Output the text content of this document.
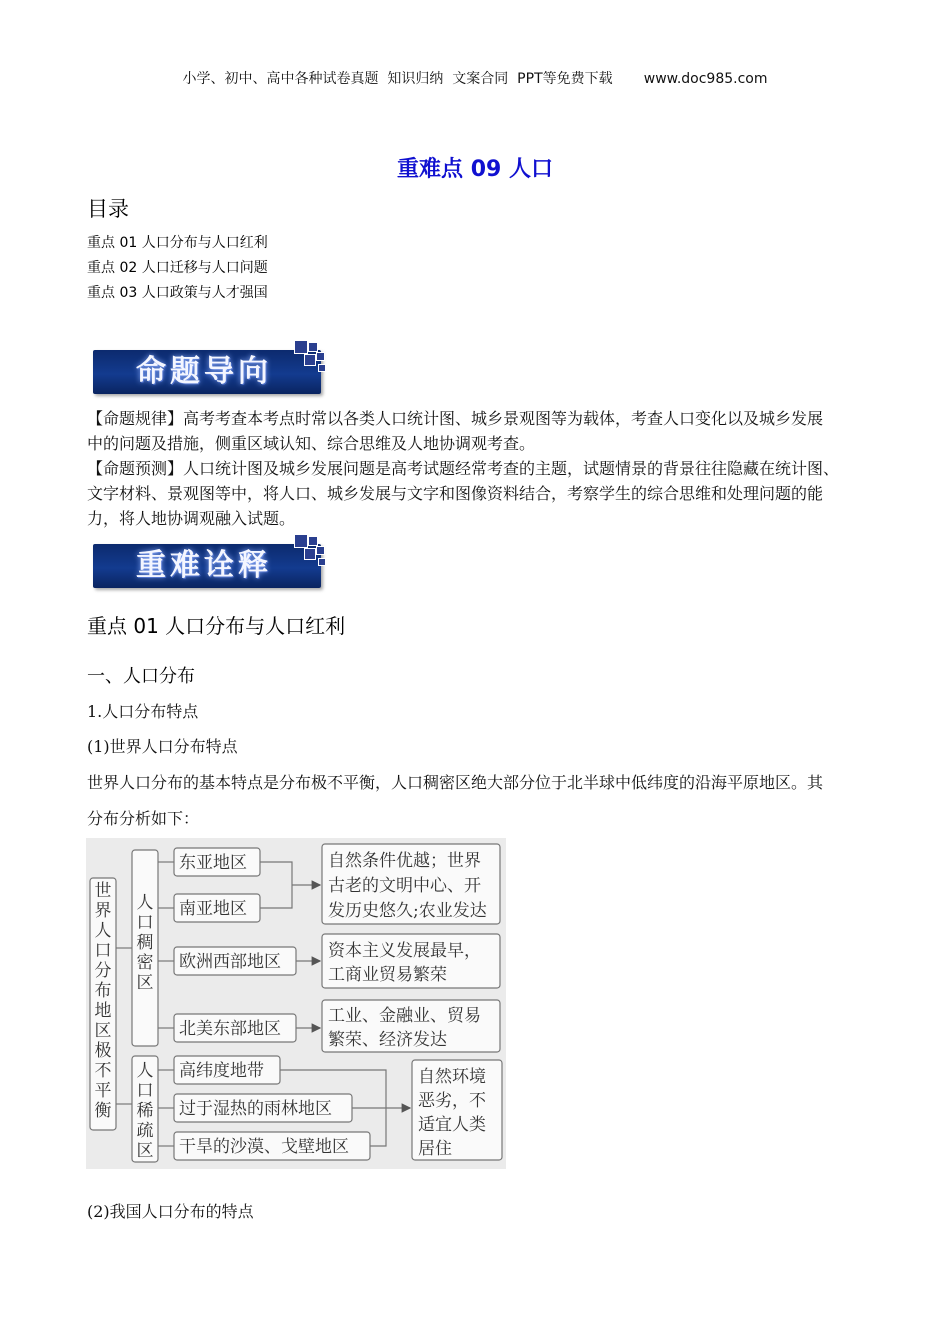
小学、初中、高中各种试卷真题  知识归纳  文案合同  PPT等免费下载       www.doc985.com
重难点 09 人口
目录
重点 01 人口分布与人口红利
重点 02 人口迁移与人口问题
重点 03 人口政策与人才强国
命题导向
【命题规律】高考考查本考点时常以各类人口统计图、城乡景观图等为载体，考查人口变化以及城乡发展
中的问题及措施，侧重区域认知、综合思维及人地协调观考查。
【命题预测】人口统计图及城乡发展问题是高考试题经常考查的主题，试题情景的背景往往隐藏在统计图、
文字材料、景观图等中，将人口、城乡发展与文字和图像资料结合，考察学生的综合思维和处理问题的能
力，将人地协调观融入试题。
重难诠释
重点 01 人口分布与人口红利
一、人口分布
1.人口分布特点
(1)世界人口分布特点
世界人口分布的基本特点是分布极不平衡，人口稠密区绝大部分位于北半球中低纬度的沿海平原地区。其
分布分析如下：
世
界
人
口
分
布
地
区
极
不
平
衡
人
口
稠
密
区
人
口
稀
疏
区
东亚地区
南亚地区
欧洲西部地区
北美东部地区
高纬度地带
过于湿热的雨林地区
干旱的沙漠、戈壁地区
自然条件优越；世界
古老的文明中心、开
发历史悠久;农业发达
资本主义发展最早，
工商业贸易繁荣
工业、金融业、贸易
繁荣、经济发达
自然环境
恶劣，不
适宜人类
居住
(2)我国人口分布的特点
